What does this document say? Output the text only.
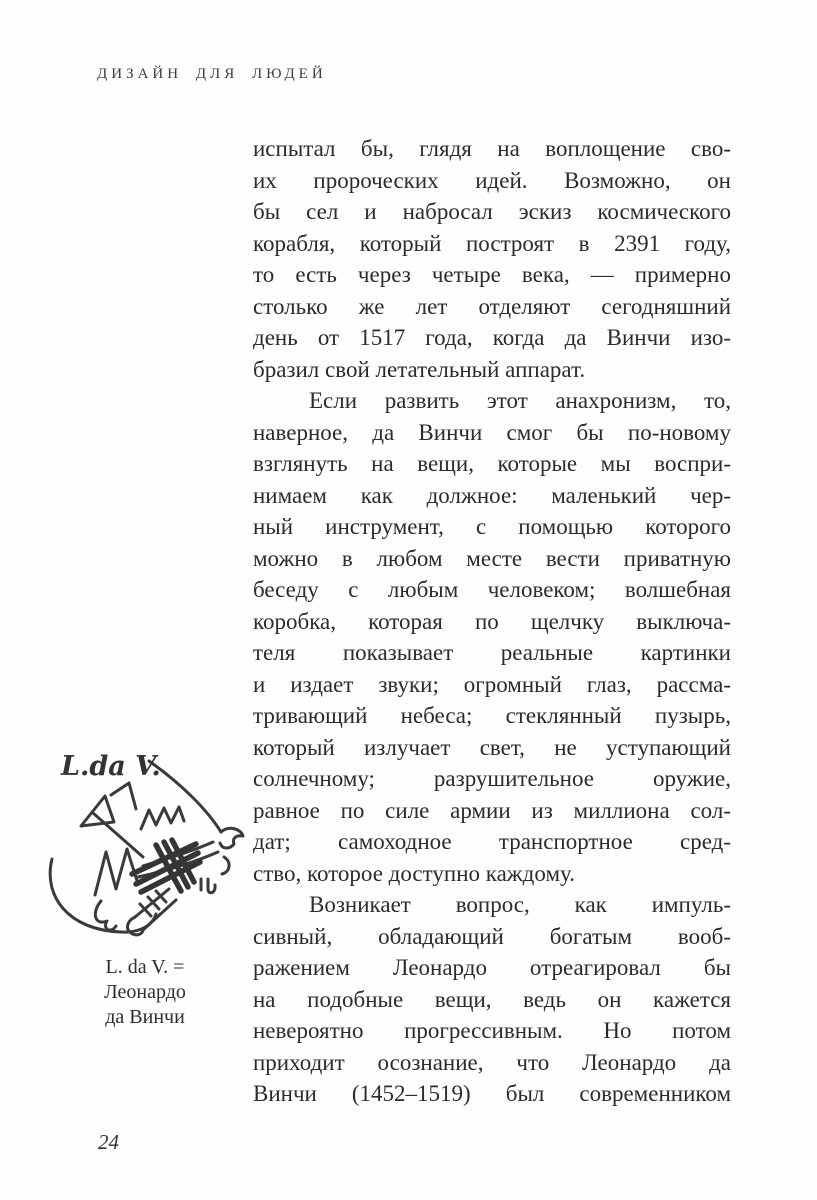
ДИЗАЙН ДЛЯ ЛЮДЕЙ

испытал бы, глядя на воплощение сво-
их пророческих идей. Возможно, он
бы сел и набросал эскиз космического
корабля, который построят в 2391 году,
то есть через четыре века, — примерно
столько же лет отделяют сегодняшний
день от 1517 года, когда да Винчи изо-
бразил свой летательный аппарат.

Если развить этот анахронизм, то,
наверное, да Винчи смог бы по-новому
взглянуть на вещи, которые мы воспри-
нимаем как должное: маленький чер-
ный инструмент, с помощью которого
можно в любом месте вести приватную
беседу с любым человеком; волшебная
коробка, которая по щелчку выключа-
теля показывает реальные картинки
и издает звуки; огромный глаз, рассма-
тривающий небеса; стеклянный пузырь,
который излучает свет, не уступающий
солнечному; разрушительное оружие,
равное по силе армии из миллиона сол-
дат; самоходное транспортное сред-
ство, которое доступно каждому.

Возникает вопрос, как импуль-
сивный, обладающий богатым вооб-
ражением Леонардо отреагировал бы
на подобные вещи, ведь он кажется
невероятно прогрессивным. Но потом
приходит осознание, что Леонардо да
Винчи (1452–1519) был современником

L.da V.
L. da V. =
Леонардо
да Винчи
24
